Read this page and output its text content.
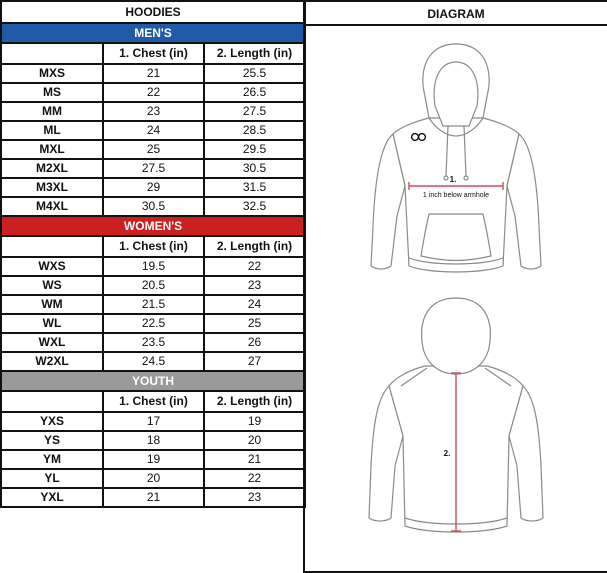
HOODIES		
MEN'S		
	1. Chest (in)	2. Length (in)
MXS	21	25.5
MS	22	26.5
MM	23	27.5
ML	24	28.5
MXL	25	29.5
M2XL	27.5	30.5
M3XL	29	31.5
M4XL	30.5	32.5
WOMEN'S		
	1. Chest (in)	2. Length (in)
WXS	19.5	22
WS	20.5	23
WM	21.5	24
WL	22.5	25
WXL	23.5	26
W2XL	24.5	27
YOUTH		
	1. Chest (in)	2. Length (in)
YXS	17	19
YS	18	20
YM	19	21
YL	20	22
YXL	21	23
DIAGRAM
1.
1 inch below armhole
2.
